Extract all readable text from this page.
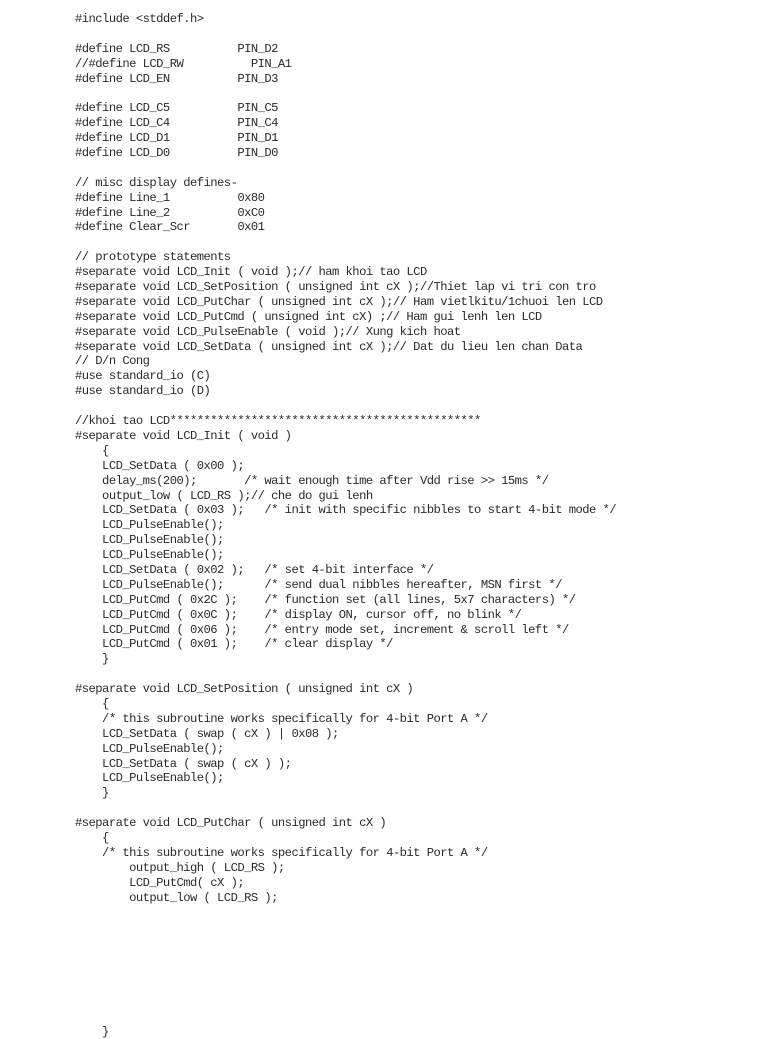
#include <stddef.h>
#define LCD_RS          PIN_D2
//#define LCD_RW          PIN_A1
#define LCD_EN          PIN_D3
#define LCD_C5          PIN_C5
#define LCD_C4          PIN_C4
#define LCD_D1          PIN_D1
#define LCD_D0          PIN_D0
// misc display defines-
#define Line_1          0x80
#define Line_2          0xC0
#define Clear_Scr       0x01
// prototype statements
#separate void LCD_Init ( void );// ham khoi tao LCD
#separate void LCD_SetPosition ( unsigned int cX );//Thiet lap vi tri con tro
#separate void LCD_PutChar ( unsigned int cX );// Ham vietlkitu/1chuoi len LCD
#separate void LCD_PutCmd ( unsigned int cX) ;// Ham gui lenh len LCD
#separate void LCD_PulseEnable ( void );// Xung kich hoat
#separate void LCD_SetData ( unsigned int cX );// Dat du lieu len chan Data
// D/n Cong
#use standard_io (C)
#use standard_io (D)
//khoi tao LCD**********************************************
#separate void LCD_Init ( void )
{
LCD_SetData ( 0x00 );
delay_ms(200);       /* wait enough time after Vdd rise >> 15ms */
output_low ( LCD_RS );// che do gui lenh
LCD_SetData ( 0x03 );   /* init with specific nibbles to start 4-bit mode */
LCD_PulseEnable();
LCD_PulseEnable();
LCD_PulseEnable();
LCD_SetData ( 0x02 );   /* set 4-bit interface */
LCD_PulseEnable();      /* send dual nibbles hereafter, MSN first */
LCD_PutCmd ( 0x2C );    /* function set (all lines, 5x7 characters) */
LCD_PutCmd ( 0x0C );    /* display ON, cursor off, no blink */
LCD_PutCmd ( 0x06 );    /* entry mode set, increment & scroll left */
LCD_PutCmd ( 0x01 );    /* clear display */
}
#separate void LCD_SetPosition ( unsigned int cX )
{
/* this subroutine works specifically for 4-bit Port A */
LCD_SetData ( swap ( cX ) | 0x08 );
LCD_PulseEnable();
LCD_SetData ( swap ( cX ) );
LCD_PulseEnable();
}
#separate void LCD_PutChar ( unsigned int cX )
{
/* this subroutine works specifically for 4-bit Port A */
output_high ( LCD_RS );
LCD_PutCmd( cX );
output_low ( LCD_RS );
}
